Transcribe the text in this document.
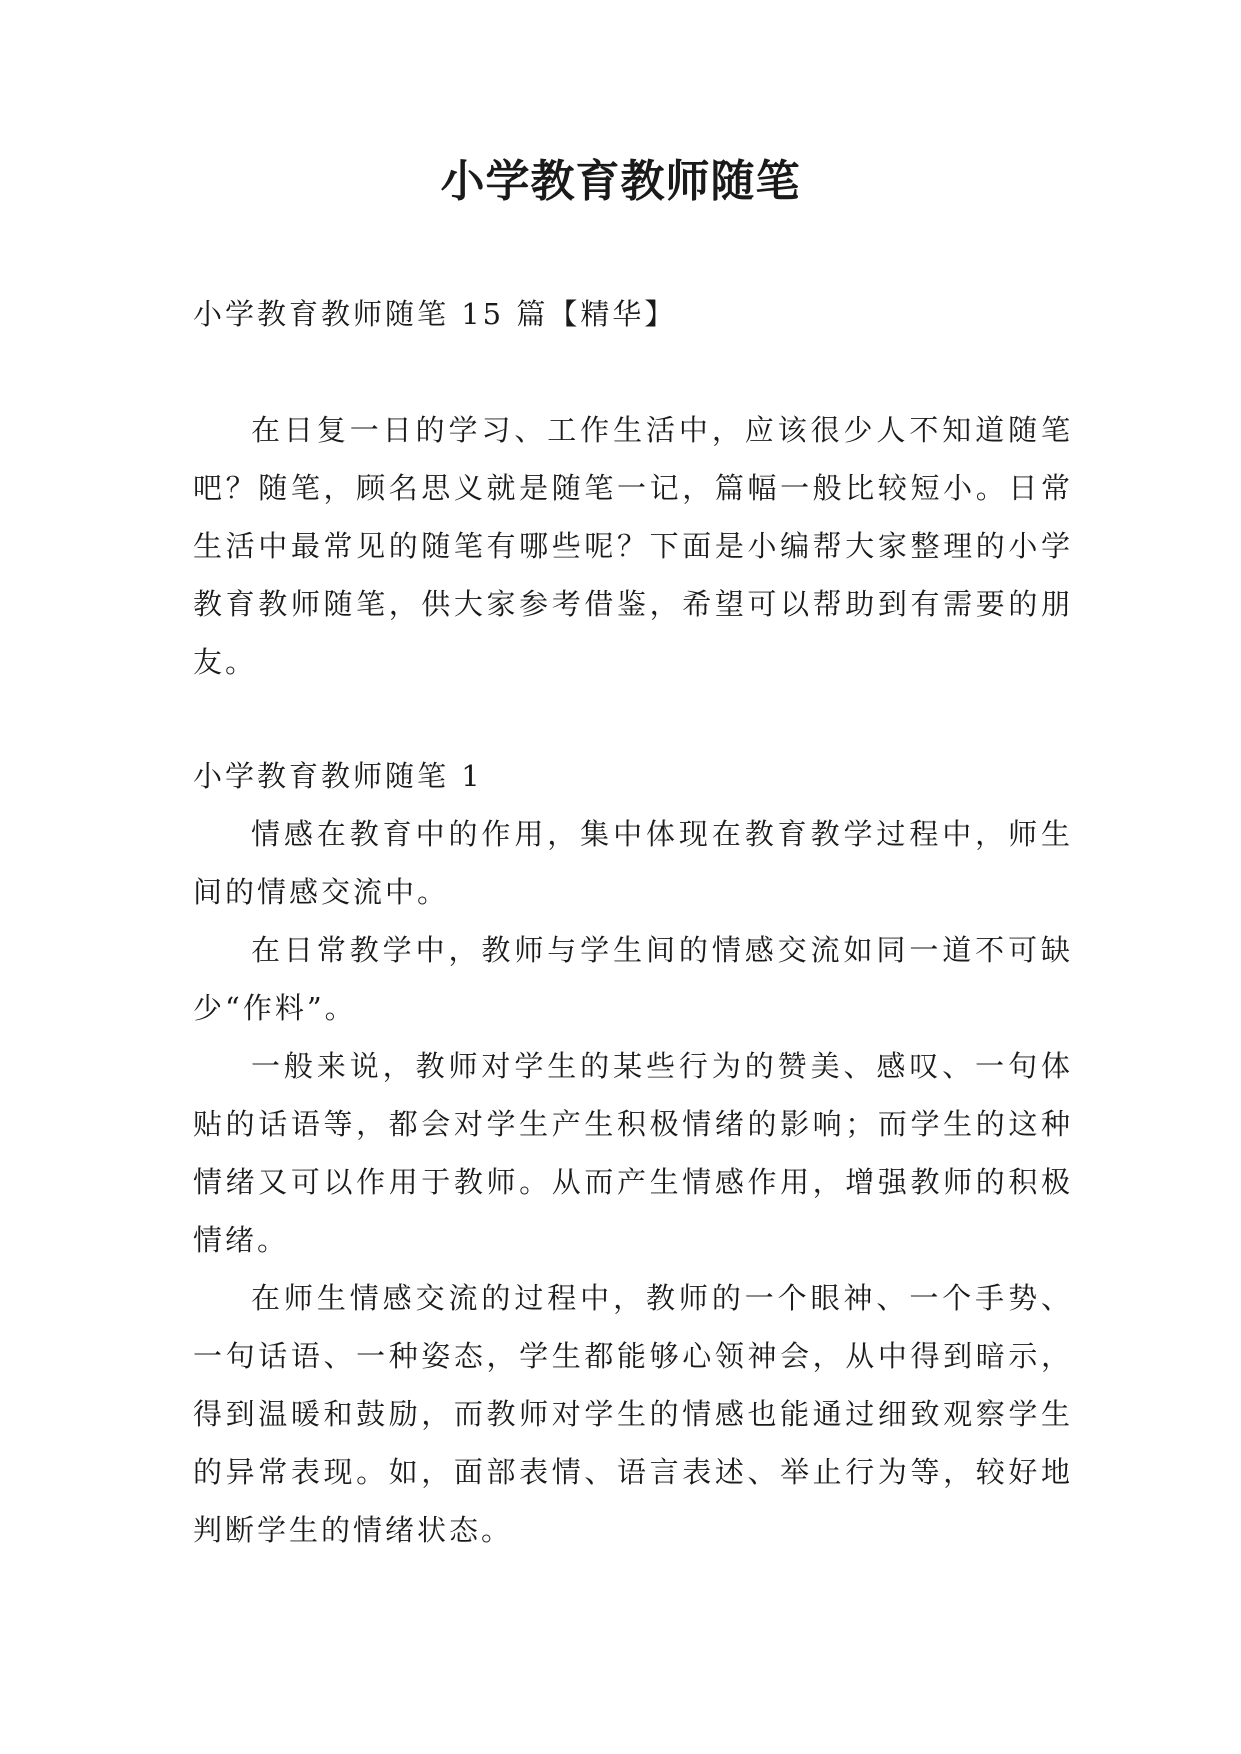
小学教育教师随笔

小学教育教师随笔 15 篇【精华】

在日复一日的学习、工作生活中，应该很少人不知道随笔吧？随笔，顾名思义就是随笔一记，篇幅一般比较短小。日常生活中最常见的随笔有哪些呢？下面是小编帮大家整理的小学教育教师随笔，供大家参考借鉴，希望可以帮助到有需要的朋友。

小学教育教师随笔 1

情感在教育中的作用，集中体现在教育教学过程中，师生间的情感交流中。

在日常教学中，教师与学生间的情感交流如同一道不可缺少“作料”。

一般来说，教师对学生的某些行为的赞美、感叹、一句体贴的话语等，都会对学生产生积极情绪的影响；而学生的这种情绪又可以作用于教师。从而产生情感作用，增强教师的积极情绪。

在师生情感交流的过程中，教师的一个眼神、一个手势、一句话语、一种姿态，学生都能够心领神会，从中得到暗示，得到温暖和鼓励，而教师对学生的情感也能通过细致观察学生的异常表现。如，面部表情、语言表述、举止行为等，较好地判断学生的情绪状态。
